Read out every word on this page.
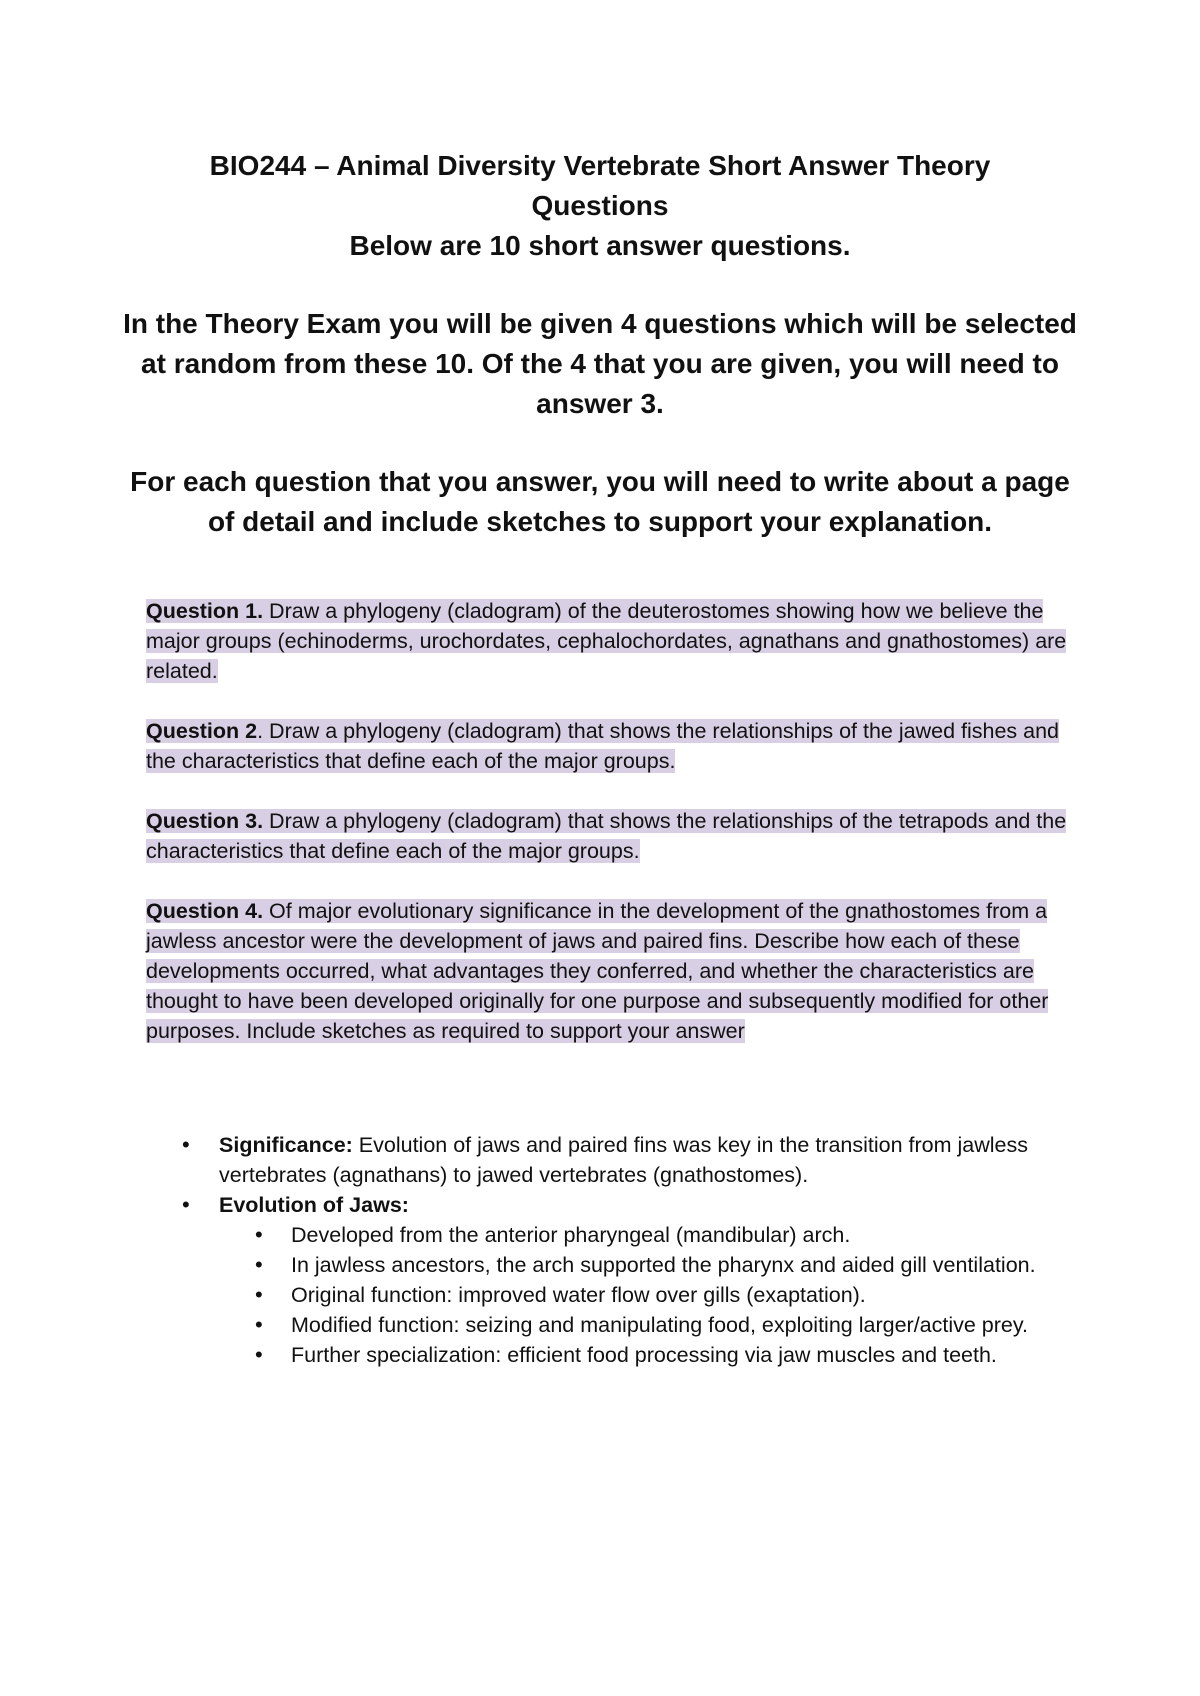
BIO244 – Animal Diversity Vertebrate Short Answer Theory
Questions

Below are 10 short answer questions.

In the Theory Exam you will be given 4 questions which will be selected at random from these 10. Of the 4 that you are given, you will need to answer 3.

For each question that you answer, you will need to write about a page of detail and include sketches to support your explanation.

Question 1. Draw a phylogeny (cladogram) of the deuterostomes showing how we believe the major groups (echinoderms, urochordates, cephalochordates, agnathans and gnathostomes) are related.

Question 2. Draw a phylogeny (cladogram) that shows the relationships of the jawed fishes and the characteristics that define each of the major groups.

Question 3. Draw a phylogeny (cladogram) that shows the relationships of the tetrapods and the characteristics that define each of the major groups.

Question 4. Of major evolutionary significance in the development of the gnathostomes from a jawless ancestor were the development of jaws and paired fins. Describe how each of these developments occurred, what advantages they conferred, and whether the characteristics are thought to have been developed originally for one purpose and subsequently modified for other purposes. Include sketches as required to support your answer

• Significance: Evolution of jaws and paired fins was key in the transition from jawless vertebrates (agnathans) to jawed vertebrates (gnathostomes).
• Evolution of Jaws:
• Developed from the anterior pharyngeal (mandibular) arch.
• In jawless ancestors, the arch supported the pharynx and aided gill ventilation.
• Original function: improved water flow over gills (exaptation).
• Modified function: seizing and manipulating food, exploiting larger/active prey.
• Further specialization: efficient food processing via jaw muscles and teeth.
